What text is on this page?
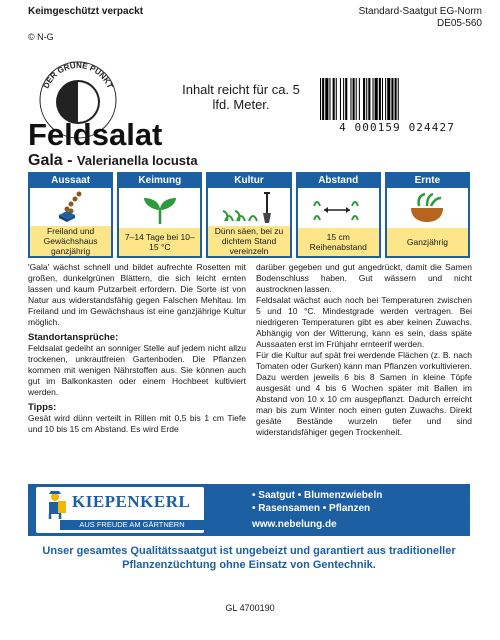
Keimgeschützt verpackt	Standard-Saatgut EG-Norm
DE05-560
© N-G
DER GRÜNE PUNKT	Inhalt reicht für ca. 5 lfd. Meter.
4 000159 024427
Feldsalat
Gala - Valerianella locusta
Aussaat
Freiland und Gewächshaus ganzjährig
Keimung
7–14 Tage bei 10–15 °C
Kultur
Dünn säen, bei zu dichtem Stand vereinzeln
Abstand
15 cm Reihenabstand
Ernte
Ganzjährig
'Gala' wächst schnell und bildet aufrechte Rosetten mit großen, dunkelgrünen Blättern, die sich leicht ernten lassen und kaum Putzarbeit erfordern. Die Sorte ist von Natur aus widerstandsfähig gegen Falschen Mehltau. Im Freiland und im Gewächshaus ist eine ganzjährige Kultur möglich.
Standortansprüche:
Feldsalat gedeiht an sonniger Stelle auf jedem nicht allzu trockenen, unkrautfreien Gartenboden. Die Pflanzen kommen mit wenigen Nährstoffen aus. Sie können auch gut im Balkonkasten oder einem Hochbeet kultiviert werden.
Tipps:
Gesät wird dünn verteilt in Rillen mit 0,5 bis 1 cm Tiefe und 10 bis 15 cm Abstand. Es wird Erde
darüber gegeben und gut angedrückt, damit die Samen Bodenschluss haben. Gut wässern und nicht austrocknen lassen.
Feldsalat wächst auch noch bei Temperaturen zwischen 5 und 10 °C. Mindestgrade werden vertragen. Bei niedrigeren Temperaturen gibt es aber keinen Zuwachs. Abhängig von der Witterung, kann es sein, dass späte Aussaaten erst im Frühjahr ernteerif werden.
Für die Kultur auf spät frei werdende Flächen (z. B. nach Tomaten oder Gurken) kann man Pflanzen vorkultivieren. Dazu werden jeweils 6 bis 8 Samen in kleine Töpfe ausgesät und 4 bis 6 Wochen später mit Ballen im Abstand von 10 x 10 cm ausgepflanzt. Dadurch erreicht man bis zum Winter noch einen guten Zuwachs. Direkt gesäte Bestände wurzeln tiefer und sind widerstandsfähiger gegen Trockenheit.
KIEPENKERL
AUS FREUDE AM GÄRTNERN
• Saatgut • Blumenzwiebeln
• Rasensamen • Pflanzen
www.nebelung.de
Unser gesamtes Qualitätssaatgut ist ungebeizt und garantiert aus traditioneller Pflanzenzüchtung ohne Einsatz von Gentechnik.
GL 4700190
